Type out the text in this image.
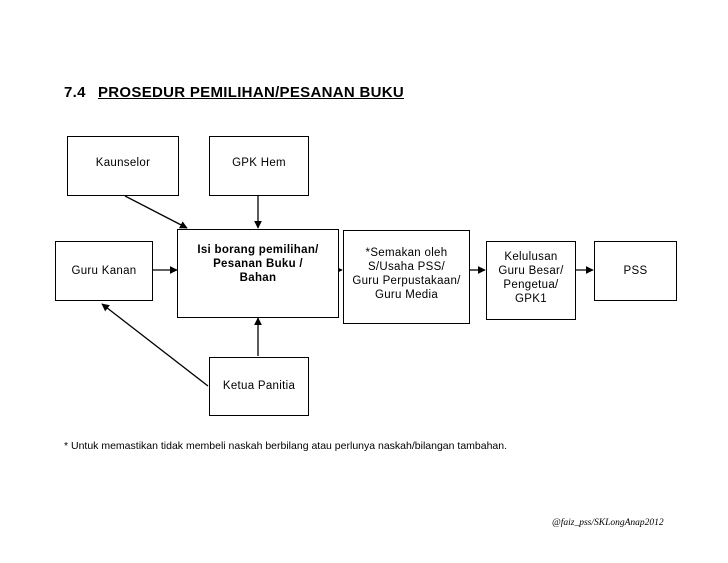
7.4 PROSEDUR PEMILIHAN/PESANAN BUKU
Kaunselor	GPK Hem
Guru Kanan
Isi borang pemilihan/
Pesanan Buku /
Bahan
*Semakan oleh
S/Usaha PSS/
Guru Perpustakaan/
Guru Media
Kelulusan
Guru Besar/
Pengetua/
GPK1
PSS
Ketua Panitia
* Untuk memastikan tidak membeli naskah berbilang atau perlunya naskah/bilangan tambahan.
@faiz_pss/SKLongAnap2012
